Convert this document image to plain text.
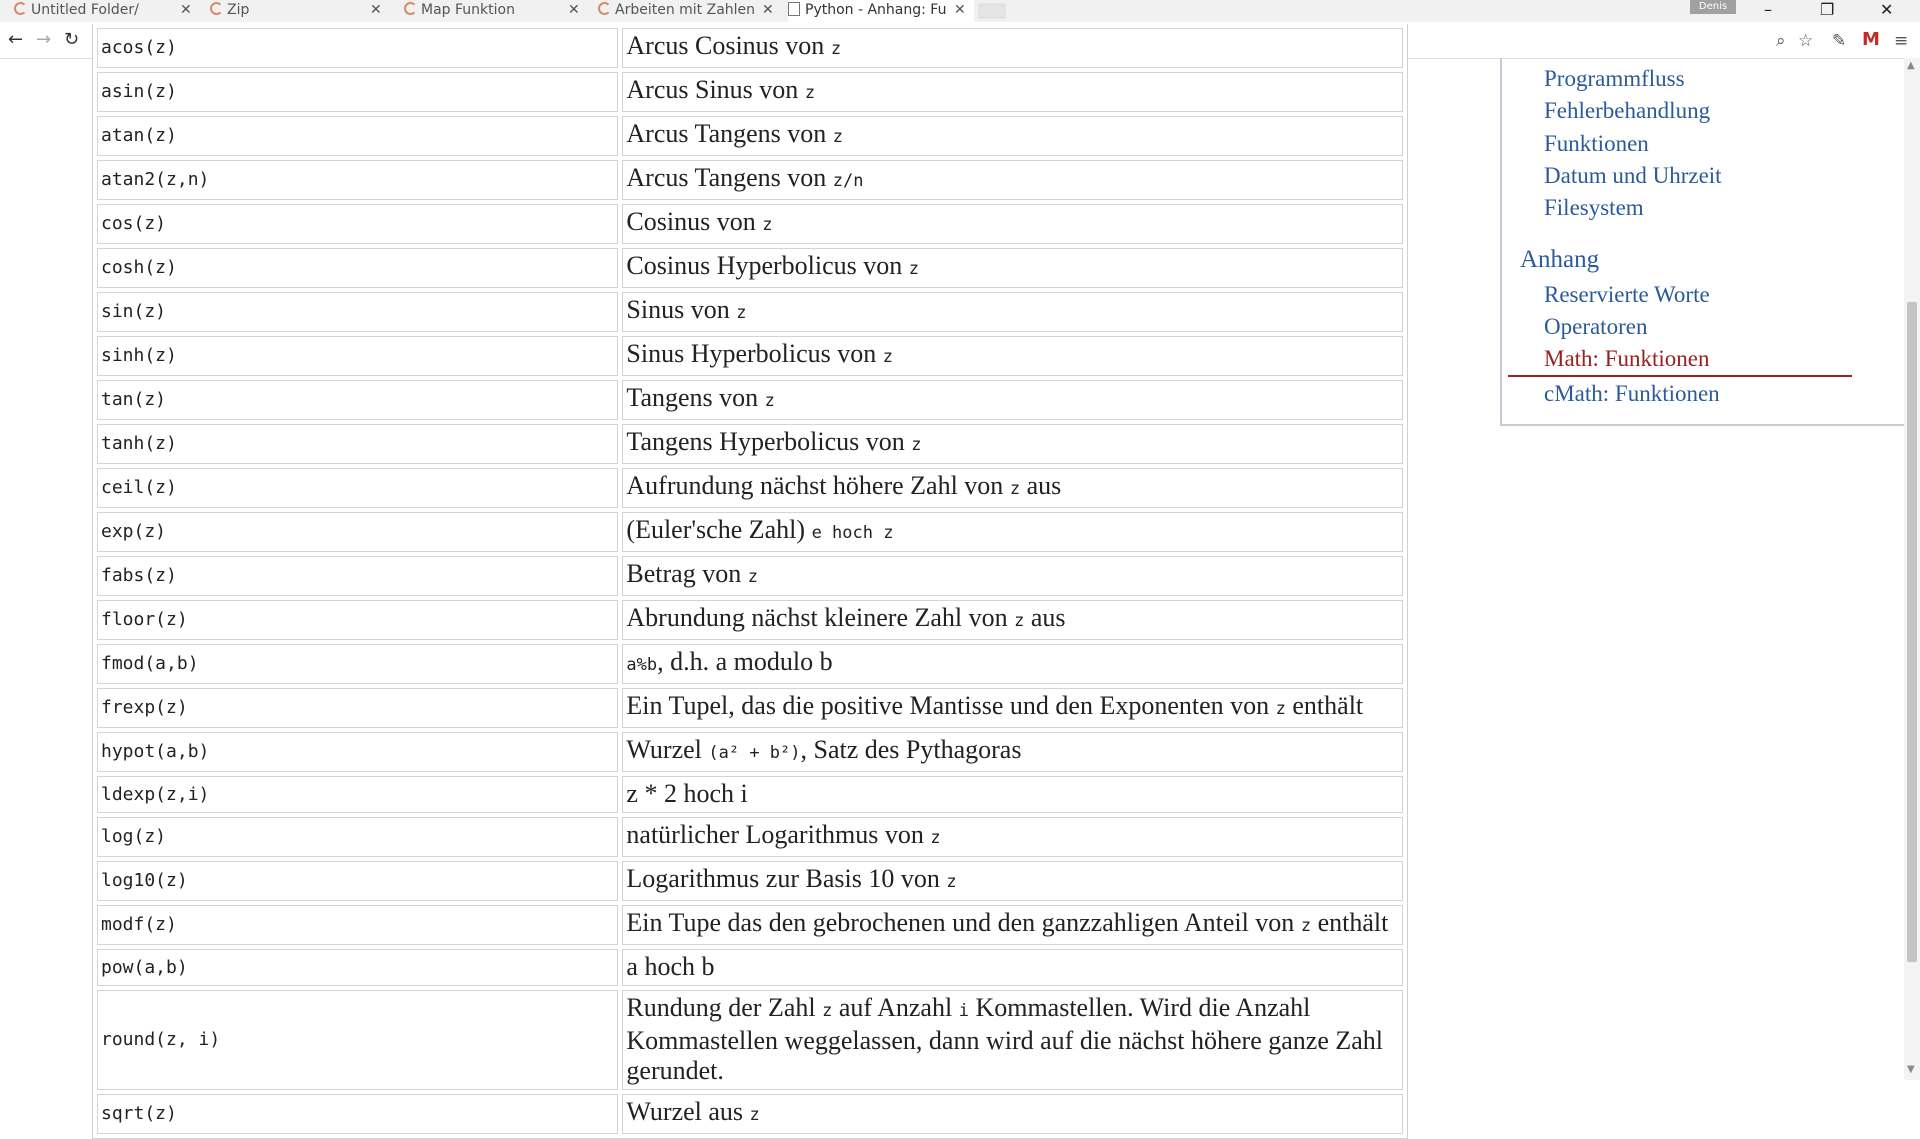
Untitled Folder/	✕	Zip	✕	Map Funktion	✕	Arbeiten mit Zahlen ✕	Python - Anhang: Fu ✕	Denis	–	❐	✕
← → ↻	⌕ ☆ ✎	≡
M
acos(z)	Arcus Cosinus von z
asin(z)	Arcus Sinus von z
atan(z)	Arcus Tangens von z
atan2(z,n)	Arcus Tangens von z/n
cos(z)	Cosinus von z
cosh(z)	Cosinus Hyperbolicus von z
sin(z)	Sinus von z
sinh(z)	Sinus Hyperbolicus von z
tan(z)	Tangens von z
tanh(z)	Tangens Hyperbolicus von z
ceil(z)	Aufrundung nächst höhere Zahl von z aus
exp(z)	(Euler'sche Zahl) e hoch z
fabs(z)	Betrag von z
floor(z)	Abrundung nächst kleinere Zahl von z aus
fmod(a,b)	a%b, d.h. a modulo b
frexp(z)	Ein Tupel, das die positive Mantisse und den Exponenten von z enthält
hypot(a,b)	Wurzel (a² + b²), Satz des Pythagoras
ldexp(z,i)	z * 2 hoch i
log(z)	natürlicher Logarithmus von z
log10(z)	Logarithmus zur Basis 10 von z
modf(z)	Ein Tupe das den gebrochenen und den ganzzahligen Anteil von z enthält
pow(a,b)	a hoch b
round(z, i)	Rundung der Zahl z auf Anzahl i Kommastellen. Wird die Anzahl Kommastellen weggelassen, dann wird auf die nächst höhere ganze Zahl gerundet.
sqrt(z)	Wurzel aus z
Programmfluss
Fehlerbehandlung
Funktionen
Datum und Uhrzeit
Filesystem
Anhang
Reservierte Worte
Operatoren
Math: Funktionen
cMath: Funktionen
▲
▼
